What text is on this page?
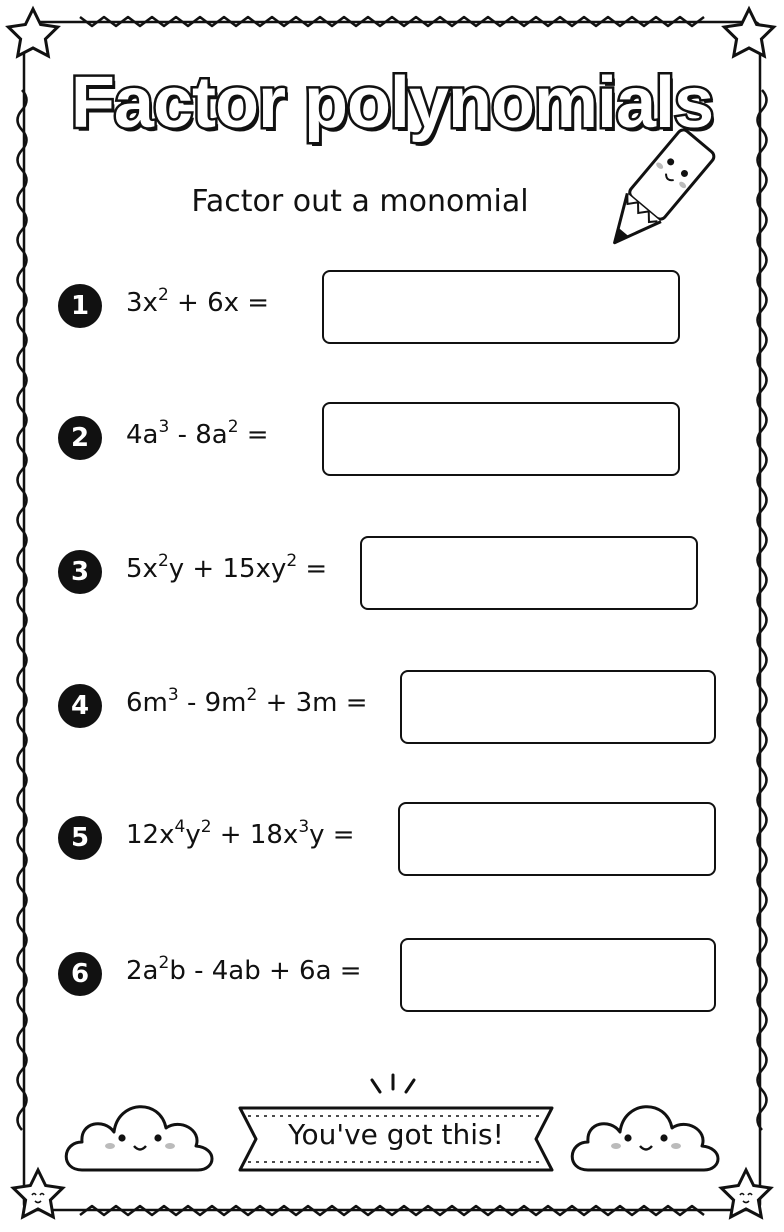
Factor polynomials
Factor out a monomial
1	$3x^2 + 6x$ =
2	$4a^3 - 8a^2$ =
3	$5x^2y + 15xy^2$ =
4	$6m^3 - 9m^2 + 3m$ =
5	$12x^4y^2 + 18x^3y$ =
6	$2a^2b - 4ab + 6a$ =
You've got this!
